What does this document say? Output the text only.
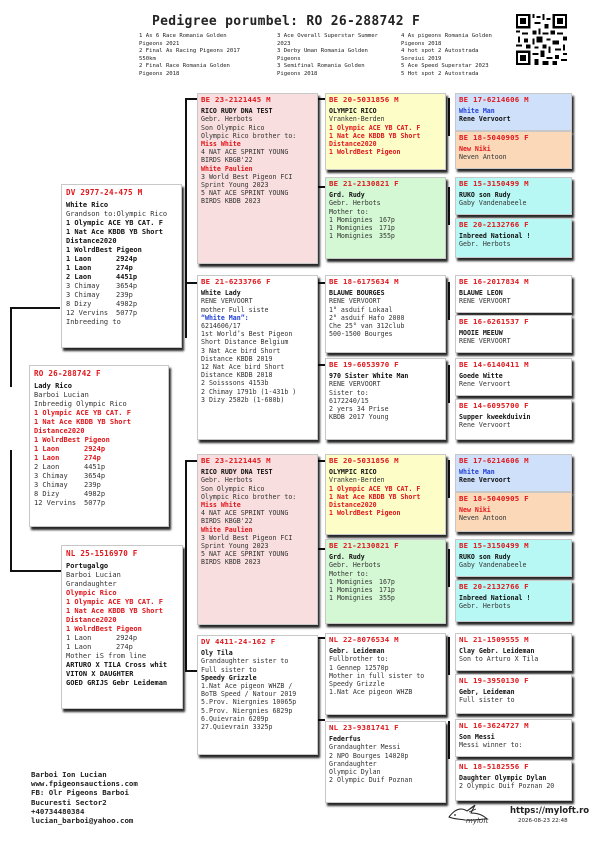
Pedigree porumbel: RO 26-288742 F
1 As 6 Race Romania Golden
Pigeons 2021
2 Final As Racing Pigeons 2017
550km
2 Final Race Romania Golden
Pigeons 2018
3 Ace Overall Superstar Summer
2023
3 Derby Uman Romania Golden
Pigeons
3 Semifinal Romania Golden
Pigeons 2018
4 As pigeons Romania Golden
Pigeons 2018
4 hot spot 2 Autostrada
Soreiui 2019
5 Ace Speed Superstar 2023
5 Hot spot 2 Autostrada
RO 26-288742 F
Lady Rico
Barboi Lucian
Inbreedig Olympic Rico
1 Olympic ACE YB CAT. F
1 Nat Ace KBDB YB Short
Distance2020
1 WolrdBest Pigeon
1 Laon	2924p
1 Laon	274p
2 Laon	4451p
3 Chimay	3654p
3 Chimay	239p
8 Dizy	4982p
12 Vervins	5077p
DV 2977-24-475 M
White Rico
Grandson to:Olympic Rico
1 Olympic ACE YB CAT. F
1 Nat Ace KBDB YB Short
Distance2020
1 WolrdBest Pigeon
1 Laon	2924p
1 Laon	274p
2 Laon	4451p
3 Chimay	3654p
3 Chimay	239p
8 Dizy	4982p
12 Vervins	5077p
Inbreeding to
NL 25-1516970 F
Portugalgo
Barboi Lucian
Grandaughter
Olympic Rico
1 Olympic ACE YB CAT. F
1 Nat Ace KBDB YB Short
Distance2020
1 WolrdBest Pigeon
1 Laon	2924p
1 Laon	274p
Mother iS from line
ARTURO X TILA Cross whit
VITON X DAUGHTER
GOED GRIJS Gebr Leideman
BE 23-2121445 M
RICO RUDY DNA TEST
Gebr. Herbots
Son Olympic Rico
Olympic Rico brother to:
Miss White
4 NAT ACE SPRINT YOUNG
BIRDS KBGB'22
White Paulien
3 World Best Pigeon FCI
Sprint Young 2023
5 NAT ACE SPRINT YOUNG
BIRDS KBDB 2023
BE 21-6233766 F
White Lady
RENE VERVOORT
mother Full siste
“White Man”:
6214606/17
1st World’s Best Pigeon
Short Distance Belgium
3 Nat Ace bird Short
Distance KBDB 2019
12 Nat Ace bird Short
Distance KBDB 2018
2 Soisssons 4153b
2 Chimay 1791b (1-431b )
3 Dizy 2582b (1-680b)
BE 23-2121445 M
RICO RUDY DNA TEST
Gebr. Herbots
Son Olympic Rico
Olympic Rico brother to:
Miss White
4 NAT ACE SPRINT YOUNG
BIRDS KBGB'22
White Paulien
3 World Best Pigeon FCI
Sprint Young 2023
5 NAT ACE SPRINT YOUNG
BIRDS KBDB 2023
DV 4411-24-162 F
Oly Tila
Grandaughter sister to
Full sister to
Speedy Grizzle
1.Nat Ace pigeon WHZB /
BoTB Speed / Natour 2019
5.Prov. Niergnies 10065p
5.Prov. Niergnies 6829p
6.Quievrain 6209p
27.Quievrain 3325p
BE 20-5031856 M
OLYMPIC RICO
Vranken-Berden
1 Olympic ACE YB CAT. F
1 Nat Ace KBDB YB Short
Distance2020
1 WolrdBest Pigeon
BE 21-2130821 F
Grd. Rudy
Gebr. Herbots
Mother to:
1 Momignies 167p
1 Momignies 171p
1 Momignies 355p
BE 18-6175634 M
BLAUWE BOURGES
RENE VERVOORT
1° asduif Lokaal
2° asduif Hafo 2000
Che 25° van 312club
500-1500 Bourges
BE 19-6053970 F
970 Sister White Man
RENE VERVOORT
Sister to:
6172240/15
2 yers 34 Prise
KBDB 2017 Young
BE 20-5031856 M
OLYMPIC RICO
Vranken-Berden
1 Olympic ACE YB CAT. F
1 Nat Ace KBDB YB Short
Distance2020
1 WolrdBest Pigeon
BE 21-2130821 F
Grd. Rudy
Gebr. Herbots
Mother to:
1 Momignies 167p
1 Momignies 171p
1 Momignies 355p
NL 22-8076534 M
Gebr. Leideman
Fullbrother to:
1 Gennep 12570p
Mother in full sister to
Speedy Grizzle
1.Nat Ace pigeon WHZB
NL 23-9381741 F
Federfus
Grandaughter Messi
2 NPO Bourges 14020p
Grandaughter
Olympic Dylan
2 Olympic Duif Poznan
BE 17-6214606 M
White Man
Rene Vervoort
BE 18-5040905 F
New Niki
Neven Antoon
BE 15-3150499 M
RUKO son Rudy
Gaby Vandenabeele
BE 20-2132766 F
Inbreed National !
Gebr. Herbots
BE 16-2017834 M
BLAUWE LEON
RENE VERVOORT
BE 16-6261537 F
MOOIE MEEUW
RENE VERVOORT
BE 14-6140411 M
Goede Witte
Rene Vervoort
BE 14-6095700 F
Supper kweekduivin
Rene Vervoort
BE 17-6214606 M
White Man
Rene Vervoort
BE 18-5040905 F
New Niki
Neven Antoon
BE 15-3150499 M
RUKO son Rudy
Gaby Vandenabeele
BE 20-2132766 F
Inbreed National !
Gebr. Herbots
NL 21-1509555 M
Clay Gebr. Leideman
Son to Arturo X Tila
NL 19-3950130 F
Gebr, Leideman
Full sister to
NL 16-3624727 M
Son Messi
Messi winner to:
NL 18-5182556 F
Daughter Olympic Dylan
2 Olympic Duif Poznan 20
Barboi Ion Lucian
www.fpigeonsauctions.com
FB: Olr Pigeons Barboi
Bucuresti Sector2
+40734480384
lucian_barboi@yahoo.com	myloft
https://myloft.ro
2026-08-23 22:48
